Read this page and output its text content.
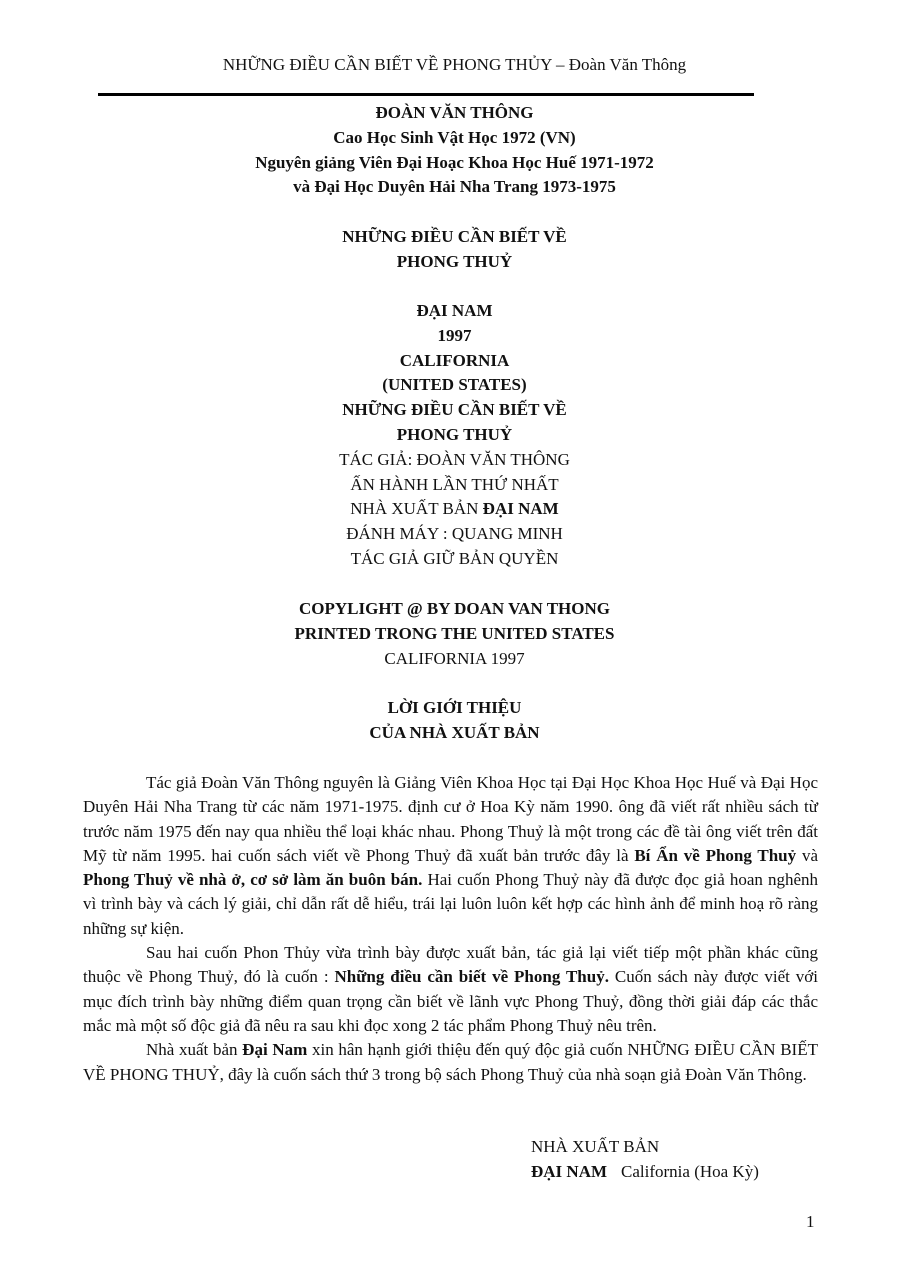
NHỮNG ĐIỀU CẦN BIẾT VỀ PHONG THỦY – Đoàn Văn Thông
ĐOÀN VĂN THÔNG
Cao Học Sinh Vật Học 1972 (VN)
Nguyên giảng Viên Đại Hoạc Khoa Học Huế 1971-1972
và Đại Học Duyên Hải Nha Trang 1973-1975
NHỮNG ĐIỀU CẦN BIẾT VỀ
PHONG THUỶ
ĐẠI NAM
1997
CALIFORNIA
(UNITED STATES)
NHỮNG ĐIỀU CẦN BIẾT VỀ
PHONG THUỶ
TÁC GIẢ: ĐOÀN VĂN THÔNG
ẤN HÀNH LẦN THỨ NHẤT
NHÀ XUẤT BẢN ĐẠI NAM
ĐÁNH MÁY : QUANG MINH
TÁC GIẢ GIỮ BẢN QUYỀN
COPYLIGHT @ BY DOAN VAN THONG
PRINTED TRONG THE UNITED STATES
CALIFORNIA 1997
LỜI GIỚI THIỆU
CỦA NHÀ XUẤT BẢN

Tác giả Đoàn Văn Thông nguyên là Giảng Viên Khoa Học tại Đại Học Khoa Học Huế và Đại Học Duyên Hải Nha Trang từ các năm 1971-1975. định cư ở Hoa Kỳ năm 1990. ông đã viết rất nhiều sách từ trước năm 1975 đến nay qua nhiều thể loại khác nhau. Phong Thuỷ là một trong các đề tài ông viết trên đất Mỹ từ năm 1995. hai cuốn sách viết về Phong Thuỷ đã xuất bản trước đây là Bí Ẩn về Phong Thuỷ và Phong Thuỷ về nhà ở, cơ sở làm ăn buôn bán. Hai cuốn Phong Thuỷ này đã được đọc giả hoan nghênh vì trình bày và cách lý giải, chỉ dẫn rất dễ hiểu, trái lại luôn luôn kết hợp các hình ảnh để minh hoạ rõ ràng những sự kiện.

Sau hai cuốn Phon Thủy vừa trình bày được xuất bản, tác giả lại viết tiếp một phần khác cũng thuộc về Phong Thuỷ, đó là cuốn : Những điều cần biết về Phong Thuỷ. Cuốn sách này được viết với mục đích trình bày những điểm quan trọng cần biết về lãnh vực Phong Thuỷ, đồng thời giải đáp các thắc mắc mà một số độc giả đã nêu ra sau khi đọc xong 2 tác phẩm Phong Thuỷ nêu trên.

Nhà xuất bản Đại Nam xin hân hạnh giới thiệu đến quý độc giả cuốn NHỮNG ĐIỀU CẦN BIẾT VỀ PHONG THUỶ, đây là cuốn sách thứ 3 trong bộ sách Phong Thuỷ của nhà soạn giả Đoàn Văn Thông.

NHÀ XUẤT BẢN
ĐẠI NAM California (Hoa Kỳ)
1
